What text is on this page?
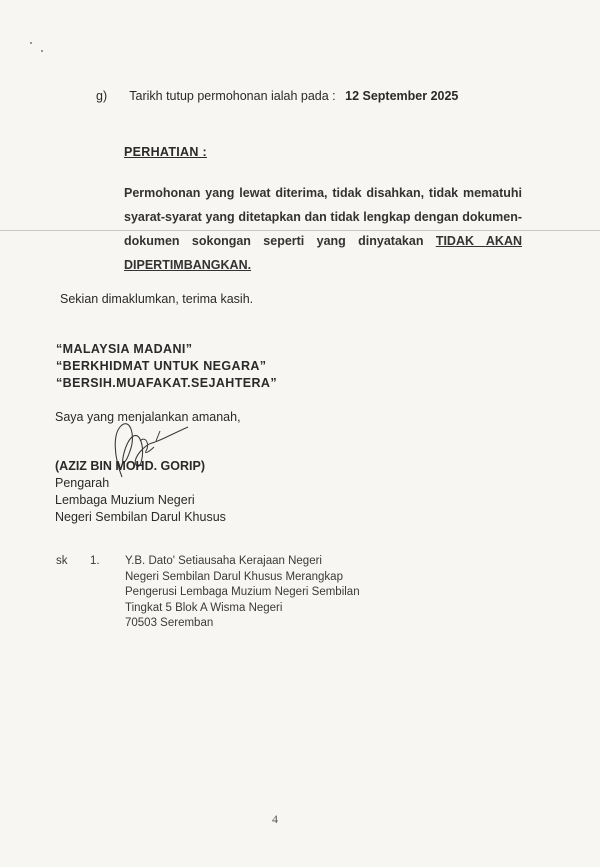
g) Tarikh tutup permohonan ialah pada : 12 September 2025
PERHATIAN :
Permohonan yang lewat diterima, tidak disahkan, tidak mematuhi
syarat-syarat yang ditetapkan dan tidak lengkap dengan dokumen-
dokumen sokongan seperti yang dinyatakan TIDAK AKAN
DIPERTIMBANGKAN.
Sekian dimaklumkan, terima kasih.
“MALAYSIA MADANI”
“BERKHIDMAT UNTUK NEGARA”
“BERSIH.MUAFAKAT.SEJAHTERA”
Saya yang menjalankan amanah,
(AZIZ BIN MOHD. GORIP)
Pengarah
Lembaga Muzium Negeri
Negeri Sembilan Darul Khusus
sk 1. Y.B. Dato' Setiausaha Kerajaan Negeri
Negeri Sembilan Darul Khusus Merangkap
Pengerusi Lembaga Muzium Negeri Sembilan
Tingkat 5 Blok A Wisma Negeri
70503 Seremban
4
